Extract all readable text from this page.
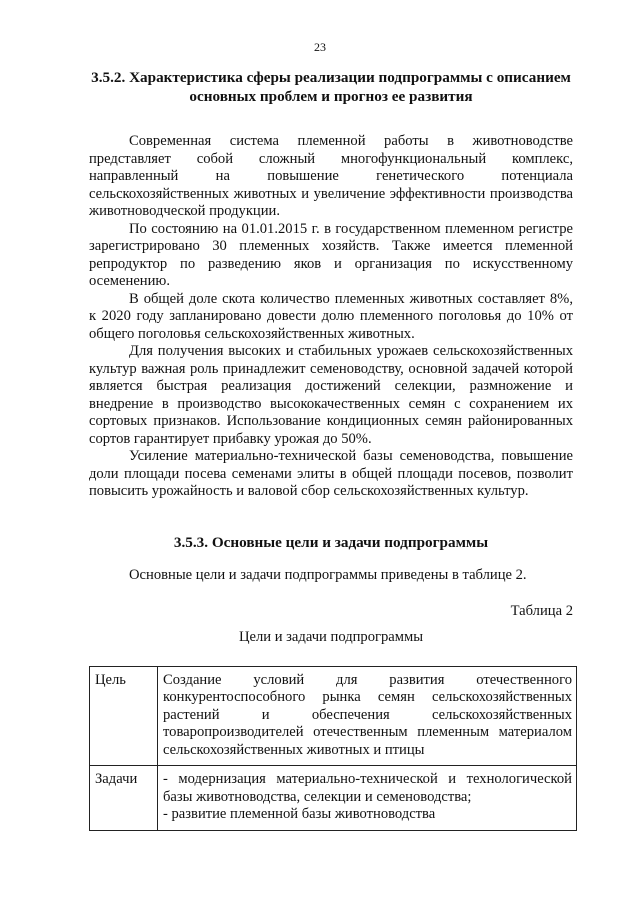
23
3.5.2. Характеристика сферы реализации подпрограммы с описанием основных проблем и прогноз ее развития

Современная система племенной работы в животноводстве представляет собой сложный многофункциональный комплекс, направленный на повышение генетического потенциала сельскохозяйственных животных и увеличение эффективности производства животноводческой продукции.

По состоянию на 01.01.2015 г. в государственном племенном регистре зарегистрировано 30 племенных хозяйств. Также имеется племенной репродуктор по разведению яков и организация по искусственному осеменению.

В общей доле скота количество племенных животных составляет 8%, к 2020 году запланировано довести долю племенного поголовья до 10% от общего поголовья сельскохозяйственных животных.

Для получения высоких и стабильных урожаев сельскохозяйственных культур важная роль принадлежит семеноводству, основной задачей которой является быстрая реализация достижений селекции, размножение и внедрение в производство высококачественных семян с сохранением их сортовых признаков. Использование кондиционных семян районированных сортов гарантирует прибавку урожая до 50%.

Усиление материально-технической базы семеноводства, повышение доли площади посева семенами элиты в общей площади посевов, позволит повысить урожайность и валовой сбор сельскохозяйственных культур.

3.5.3. Основные цели и задачи подпрограммы

Основные цели и задачи подпрограммы приведены в таблице 2.

Таблица 2

Цели и задачи подпрограммы

Цель	Создание условий для развития отечественного конкурентоспособного рынка семян сельскохозяйственных растений и обеспечения сельскохозяйственных товаропроизводителей отечественным племенным материалом сельскохозяйственных животных и птицы
Задачи	- модернизация материально-технической и технологической базы животноводства, селекции и семеноводства;
- развитие племенной базы животноводства
